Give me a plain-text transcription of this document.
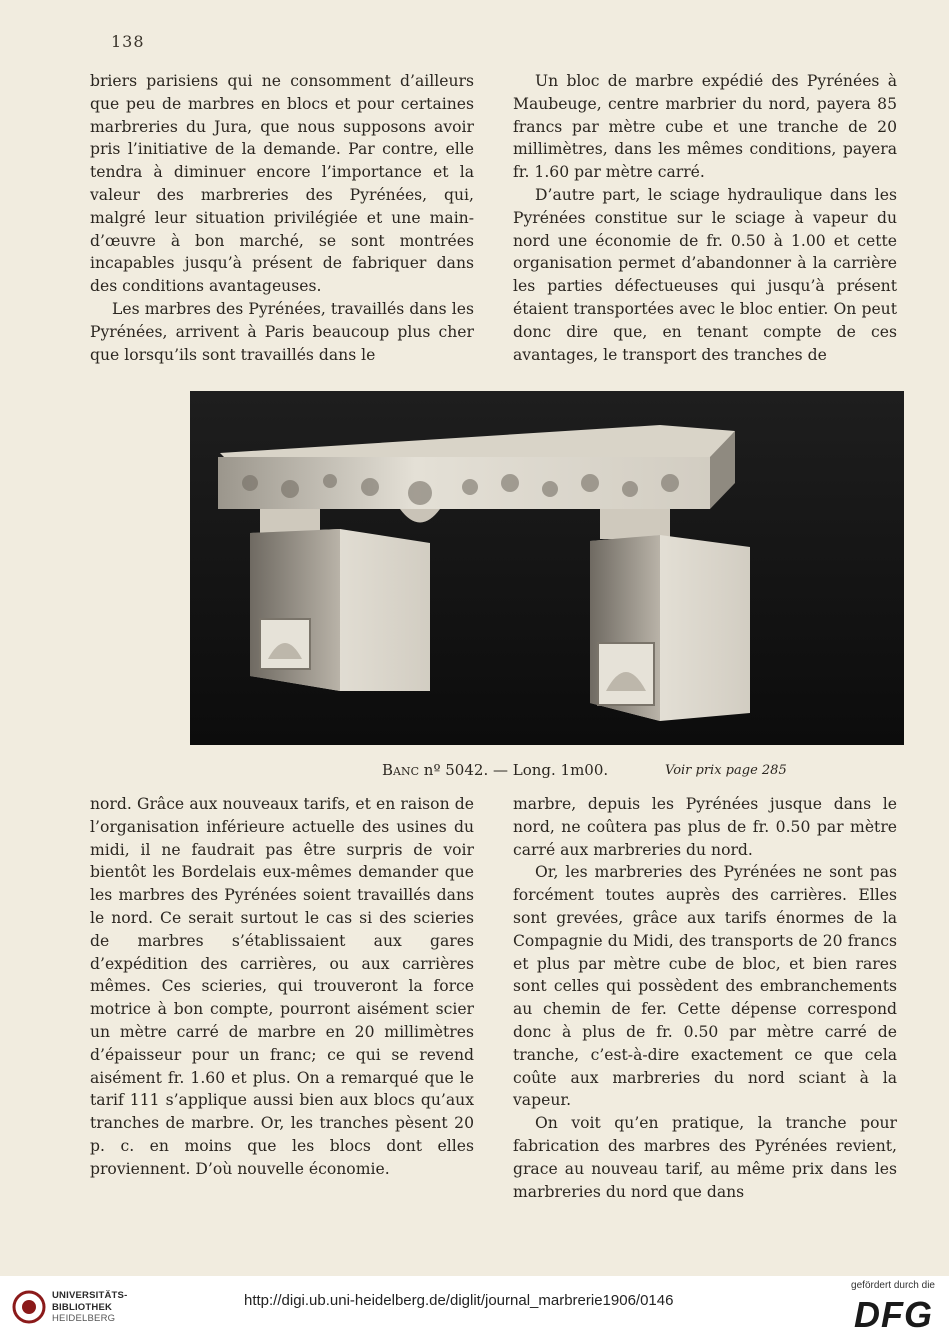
138

briers parisiens qui ne consomment d’ailleurs que peu de marbres en blocs et pour certaines marbreries du Jura, que nous supposons avoir pris l’initiative de la demande. Par contre, elle tendra à diminuer encore l’importance et la valeur des marbreries des Pyrénées, qui, malgré leur situation privilégiée et une main-d’œuvre à bon marché, se sont montrées incapables jusqu’à présent de fabriquer dans des conditions avantageuses.

Les marbres des Pyrénées, travaillés dans les Pyrénées, arrivent à Paris beaucoup plus cher que lorsqu’ils sont travaillés dans le

Un bloc de marbre expédié des Pyrénées à Maubeuge, centre marbrier du nord, payera 85 francs par mètre cube et une tranche de 20 millimètres, dans les mêmes conditions, payera fr. 1.60 par mètre carré.

D’autre part, le sciage hydraulique dans les Pyrénées constitue sur le sciage à vapeur du nord une économie de fr. 0.50 à 1.00 et cette organisation permet d’abandonner à la carrière les parties défectueuses qui jusqu’à présent étaient transportées avec le bloc entier. On peut donc dire que, en tenant compte de ces avantages, le transport des tranches de

Banc nº 5042. — Long. 1m00.	Voir prix page 285

nord. Grâce aux nouveaux tarifs, et en raison de l’organisation inférieure actuelle des usines du midi, il ne faudrait pas être surpris de voir bientôt les Bordelais eux-mêmes demander que les marbres des Pyrénées soient travaillés dans le nord. Ce serait surtout le cas si des scieries de marbres s’établissaient aux gares d’expédition des carrières, ou aux carrières mêmes. Ces scieries, qui trouveront la force motrice à bon compte, pourront aisément scier un mètre carré de marbre en 20 millimètres d’épaisseur pour un franc; ce qui se revend aisément fr. 1.60 et plus. On a remarqué que le tarif 111 s’applique aussi bien aux blocs qu’aux tranches de marbre. Or, les tranches pèsent 20 p. c. en moins que les blocs dont elles proviennent. D’où nouvelle économie.

marbre, depuis les Pyrénées jusque dans le nord, ne coûtera pas plus de fr. 0.50 par mètre carré aux marbreries du nord.

Or, les marbreries des Pyrénées ne sont pas forcément toutes auprès des carrières. Elles sont grevées, grâce aux tarifs énormes de la Compagnie du Midi, des transports de 20 francs et plus par mètre cube de bloc, et bien rares sont celles qui possèdent des embranchements au chemin de fer. Cette dépense correspond donc à plus de fr. 0.50 par mètre carré de tranche, c’est-à-dire exactement ce que cela coûte aux marbreries du nord sciant à la vapeur.

On voit qu’en pratique, la tranche pour fabrication des marbres des Pyrénées revient, grace au nouveau tarif, au même prix dans les marbreries du nord que dans

UNIVERSITÄTS-
BIBLIOTHEK
HEIDELBERG
http://digi.ub.uni-heidelberg.de/diglit/journal_marbrerie1906/0146
gefördert durch die
DFG
